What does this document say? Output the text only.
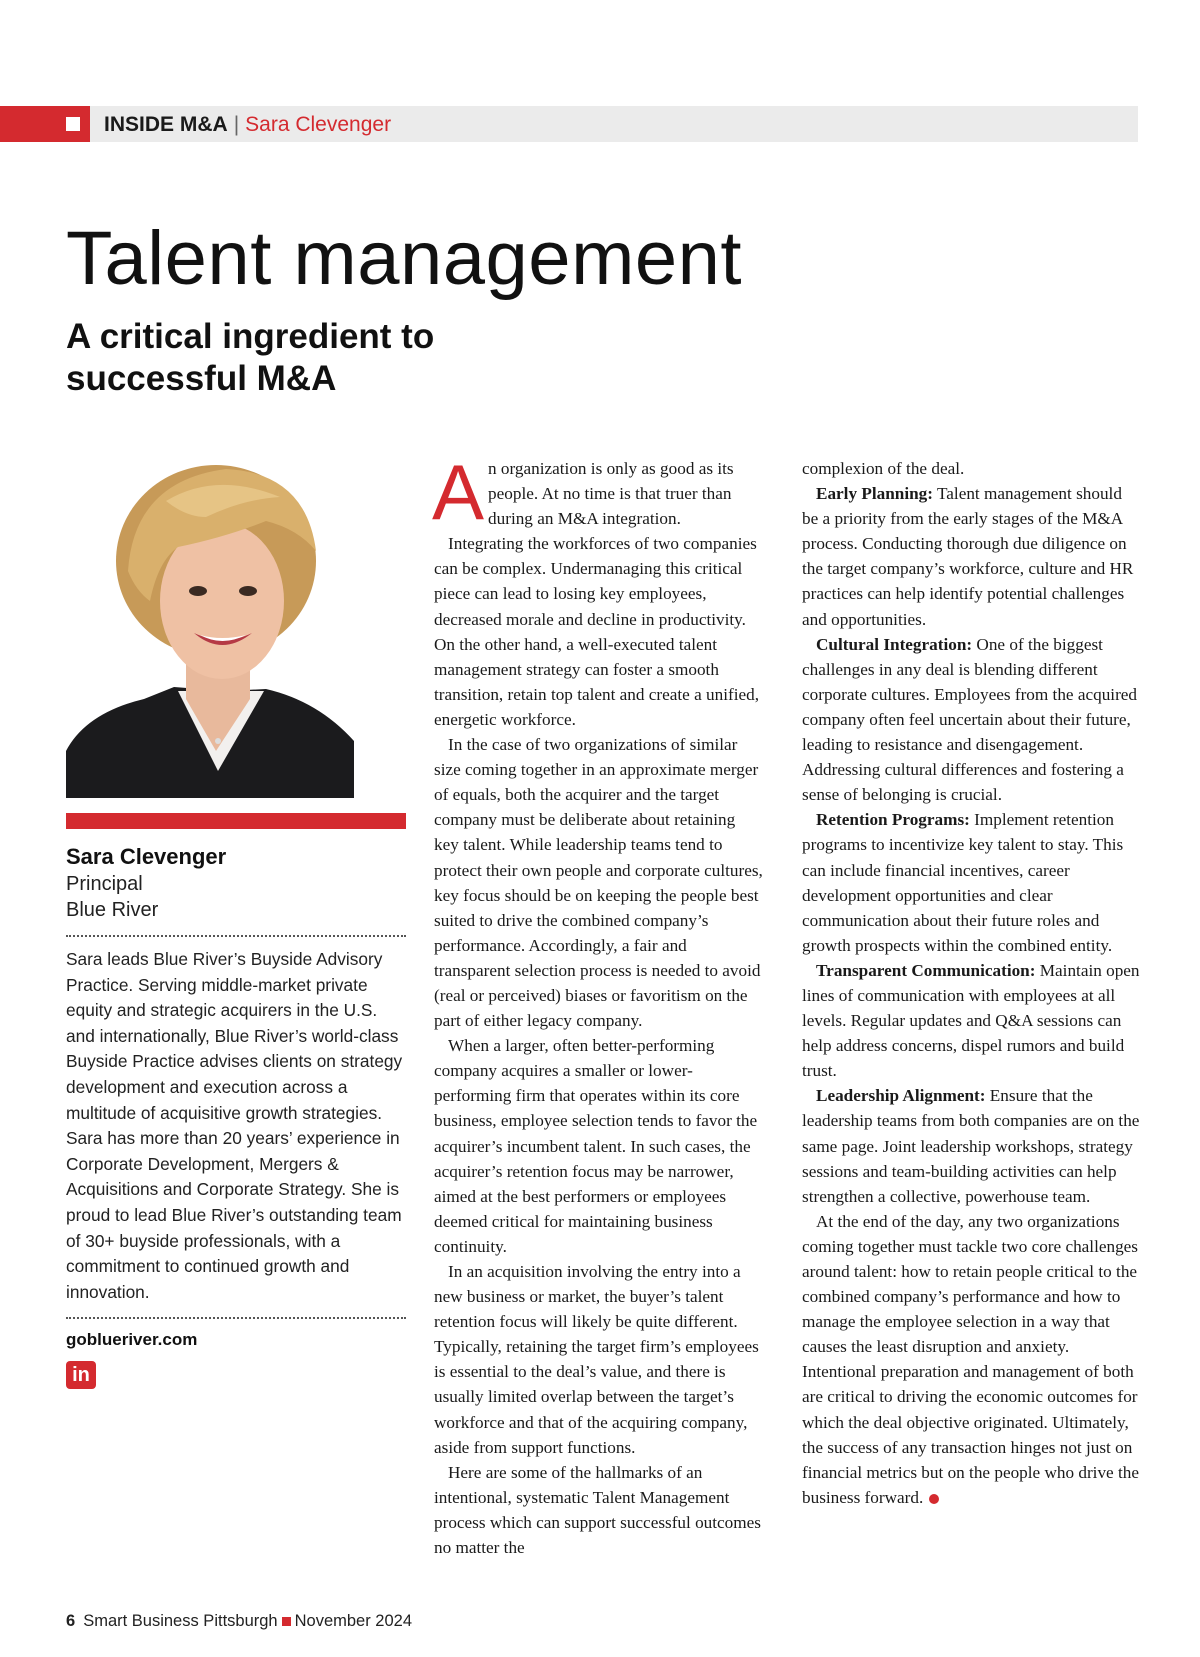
INSIDE M&A | Sara Clevenger
Talent management
A critical ingredient to successful M&A
Sara Clevenger
Principal
Blue River

Sara leads Blue River’s Buyside Advisory Practice. Serving middle-market private equity and strategic acquirers in the U.S. and internationally, Blue River’s world-class Buyside Practice advises clients on strategy development and execution across a multitude of acquisitive growth strategies. Sara has more than 20 years’ experience in Corporate Development, Mergers & Acquisitions and Corporate Strategy. She is proud to lead Blue River’s outstanding team of 30+ buyside professionals, with a commitment to continued growth and innovation.

goblueriver.com
in

An organization is only as good as its people. At no time is that truer than during an M&A integration.

Integrating the workforces of two companies can be complex. Undermanaging this critical piece can lead to losing key employees, decreased morale and decline in productivity. On the other hand, a well-executed talent management strategy can foster a smooth transition, retain top talent and create a unified, energetic workforce.

In the case of two organizations of similar size coming together in an approximate merger of equals, both the acquirer and the target company must be deliberate about retaining key talent. While leadership teams tend to protect their own people and corporate cultures, key focus should be on keeping the people best suited to drive the combined company’s performance. Accordingly, a fair and transparent selection process is needed to avoid (real or perceived) biases or favoritism on the part of either legacy company.

When a larger, often better-performing company acquires a smaller or lower-performing firm that operates within its core business, employee selection tends to favor the acquirer’s incumbent talent. In such cases, the acquirer’s retention focus may be narrower, aimed at the best performers or employees deemed critical for maintaining business continuity.

In an acquisition involving the entry into a new business or market, the buyer’s talent retention focus will likely be quite different. Typically, retaining the target firm’s employees is essential to the deal’s value, and there is usually limited overlap between the target’s workforce and that of the acquiring company, aside from support functions.

Here are some of the hallmarks of an intentional, systematic Talent Management process which can support successful outcomes no matter the

complexion of the deal.

Early Planning: Talent management should be a priority from the early stages of the M&A process. Conducting thorough due diligence on the target company’s workforce, culture and HR practices can help identify potential challenges and opportunities.

Cultural Integration: One of the biggest challenges in any deal is blending different corporate cultures. Employees from the acquired company often feel uncertain about their future, leading to resistance and disengagement. Addressing cultural differences and fostering a sense of belonging is crucial.

Retention Programs: Implement retention programs to incentivize key talent to stay. This can include financial incentives, career development opportunities and clear communication about their future roles and growth prospects within the combined entity.

Transparent Communication: Maintain open lines of communication with employees at all levels. Regular updates and Q&A sessions can help address concerns, dispel rumors and build trust.

Leadership Alignment: Ensure that the leadership teams from both companies are on the same page. Joint leadership workshops, strategy sessions and team-building activities can help strengthen a collective, powerhouse team.

At the end of the day, any two organizations coming together must tackle two core challenges around talent: how to retain people critical to the combined company’s performance and how to manage the employee selection in a way that causes the least disruption and anxiety. Intentional preparation and management of both are critical to driving the economic outcomes for which the deal objective originated. Ultimately, the success of any transaction hinges not just on financial metrics but on the people who drive the business forward.

6 Smart Business Pittsburgh November 2024
